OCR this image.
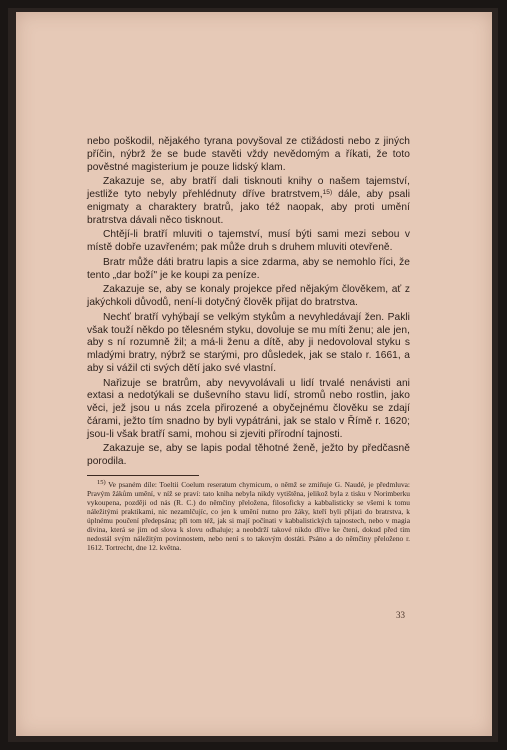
nebo poškodil, nějakého tyrana povyšoval ze ctižádosti nebo z jiných příčin, nýbrž že se bude stavěti vždy nevědomým a říkati, že toto pověstné magisterium je pouze lidský klam.

Zakazuje se, aby bratří dali tisknouti knihy o našem tajemství, jestliže tyto nebyly přehlédnuty dříve bratrstvem,$^{15)}$ dále, aby psali enigmaty a charaktery bratrů, jako též naopak, aby proti umění bratrstva dávali něco tisknout.

Chtějí-li bratří mluviti o tajemství, musí býti sami mezi sebou v místě dobře uzavřeném; pak může druh s druhem mluviti otevřeně.

Bratr může dáti bratru lapis a sice zdarma, aby se nemohlo říci, že tento „dar boží" je ke koupi za peníze.

Zakazuje se, aby se konaly projekce před nějakým člověkem, ať z jakýchkoli důvodů, není-li dotyčný člověk přijat do bratrstva.

Nechť bratří vyhýbají se velkým stykům a nevyhledávají žen. Pakli však touží někdo po tělesném styku, dovoluje se mu míti ženu; ale jen, aby s ní rozumně žil; a má-li ženu a dítě, aby ji nedovoloval styku s mladými bratry, nýbrž se starými, pro důsledek, jak se stalo r. 1661, a aby si vážil cti svých dětí jako své vlastní.

Nařizuje se bratrům, aby nevyvolávali u lidí trvalé nenávisti ani extasi a nedotýkali se duševního stavu lidí, stromů nebo rostlin, jako věci, jež jsou u nás zcela přirozené a obyčejnému člověku se zdají čárami, ježto tím snadno by byli vypátráni, jak se stalo v Římě r. 1620; jsou-li však bratří sami, mohou si zjeviti přírodní tajnosti.

Zakazuje se, aby se lapis podal těhotné ženě, ježto by předčasně porodila.

15) Ve psaném díle: Toeltii Coelum reseratum chymicum, o němž se zmiňuje G. Naudé, je předmluva: Pravým žákům umění, v níž se praví: tato kniha nebyla nikdy vytištěna, jelikož byla z tisku v Norimberku vykoupena, později od nás (R. C.) do němčiny přeložena, filosoficky a kabbalisticky se všemi k tomu náležitými praktikami, nic nezamlčujíc, co jen k umění nutno pro žáky, kteří byli přijati do bratrstva, k úplnému poučení předepsána; při tom též, jak si mají počínati v kabbalistických tajnostech, nebo v magia divina, která se jim od slova k slovu odhaluje; a neobdrží takové nikdo dříve ke čtení, dokud před tím nedostál svým náležitým povinnostem, nebo není s to takovým dostáti. Psáno a do němčiny přeloženo r. 1612. Tortrecht, dne 12. května.

33
